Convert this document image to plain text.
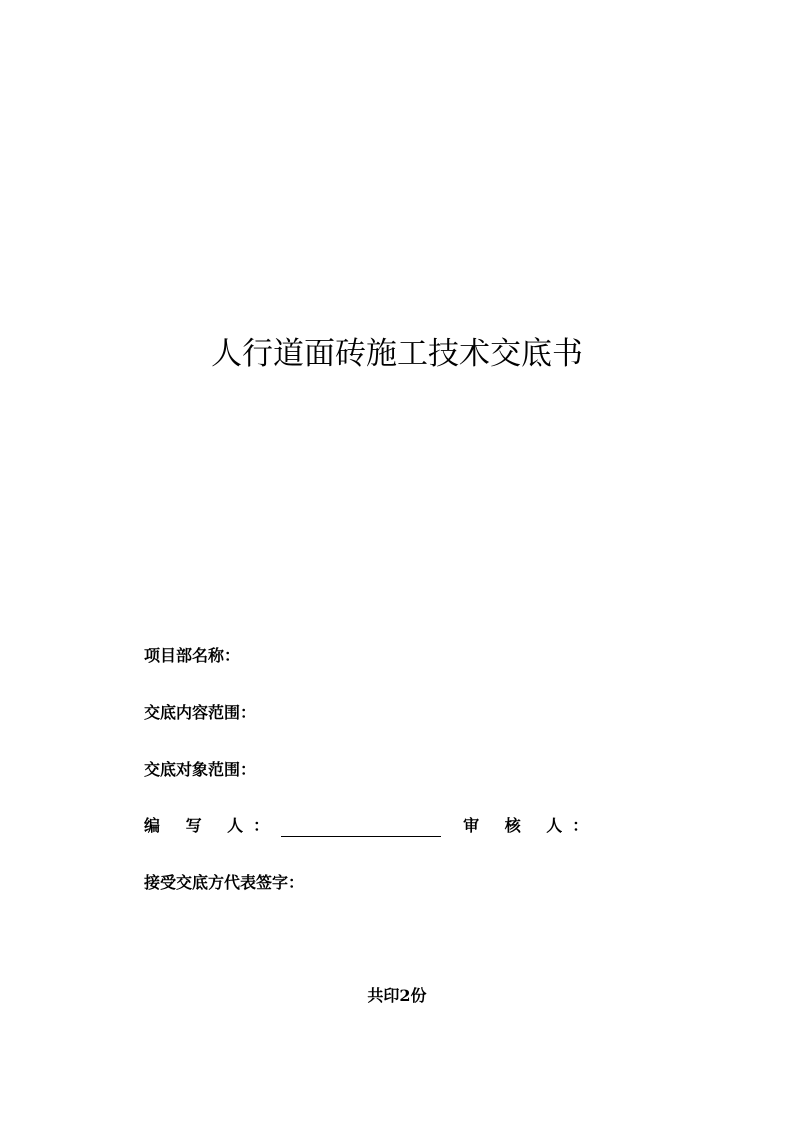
人行道面砖施工技术交底书
项目部名称：
交底内容范围：
交底对象范围：
编 写 人：	审 核 人：
接受交底方代表签字：
共印2份
